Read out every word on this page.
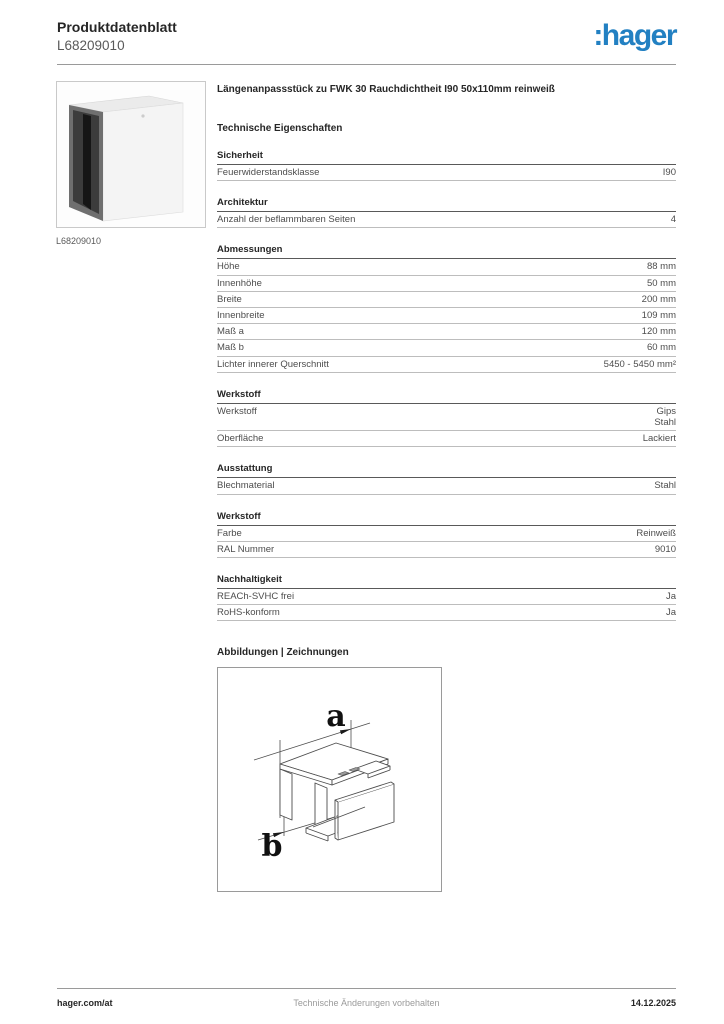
Produktdatenblatt
L68209010	:hager
L68209010
Längenanpassstück zu FWK 30 Rauchdichtheit I90 50x110mm reinweiß
Technische Eigenschaften
Sicherheit
Feuerwiderstandsklasse	I90
Architektur
Anzahl der beflammbaren Seiten	4
Abmessungen
Höhe	88 mm
Innenhöhe	50 mm
Breite	200 mm
Innenbreite	109 mm
Maß a	120 mm
Maß b	60 mm
Lichter innerer Querschnitt	5450 - 5450 mm²
Werkstoff
Werkstoff	Gips
Stahl
Oberfläche	Lackiert
Ausstattung
Blechmaterial	Stahl
Werkstoff
Farbe	Reinweiß
RAL Nummer	9010
Nachhaltigkeit
REACh-SVHC frei	Ja
RoHS-konform	Ja
Abbildungen | Zeichnungen
a
b
hager.com/at	Technische Änderungen vorbehalten	14.12.2025
